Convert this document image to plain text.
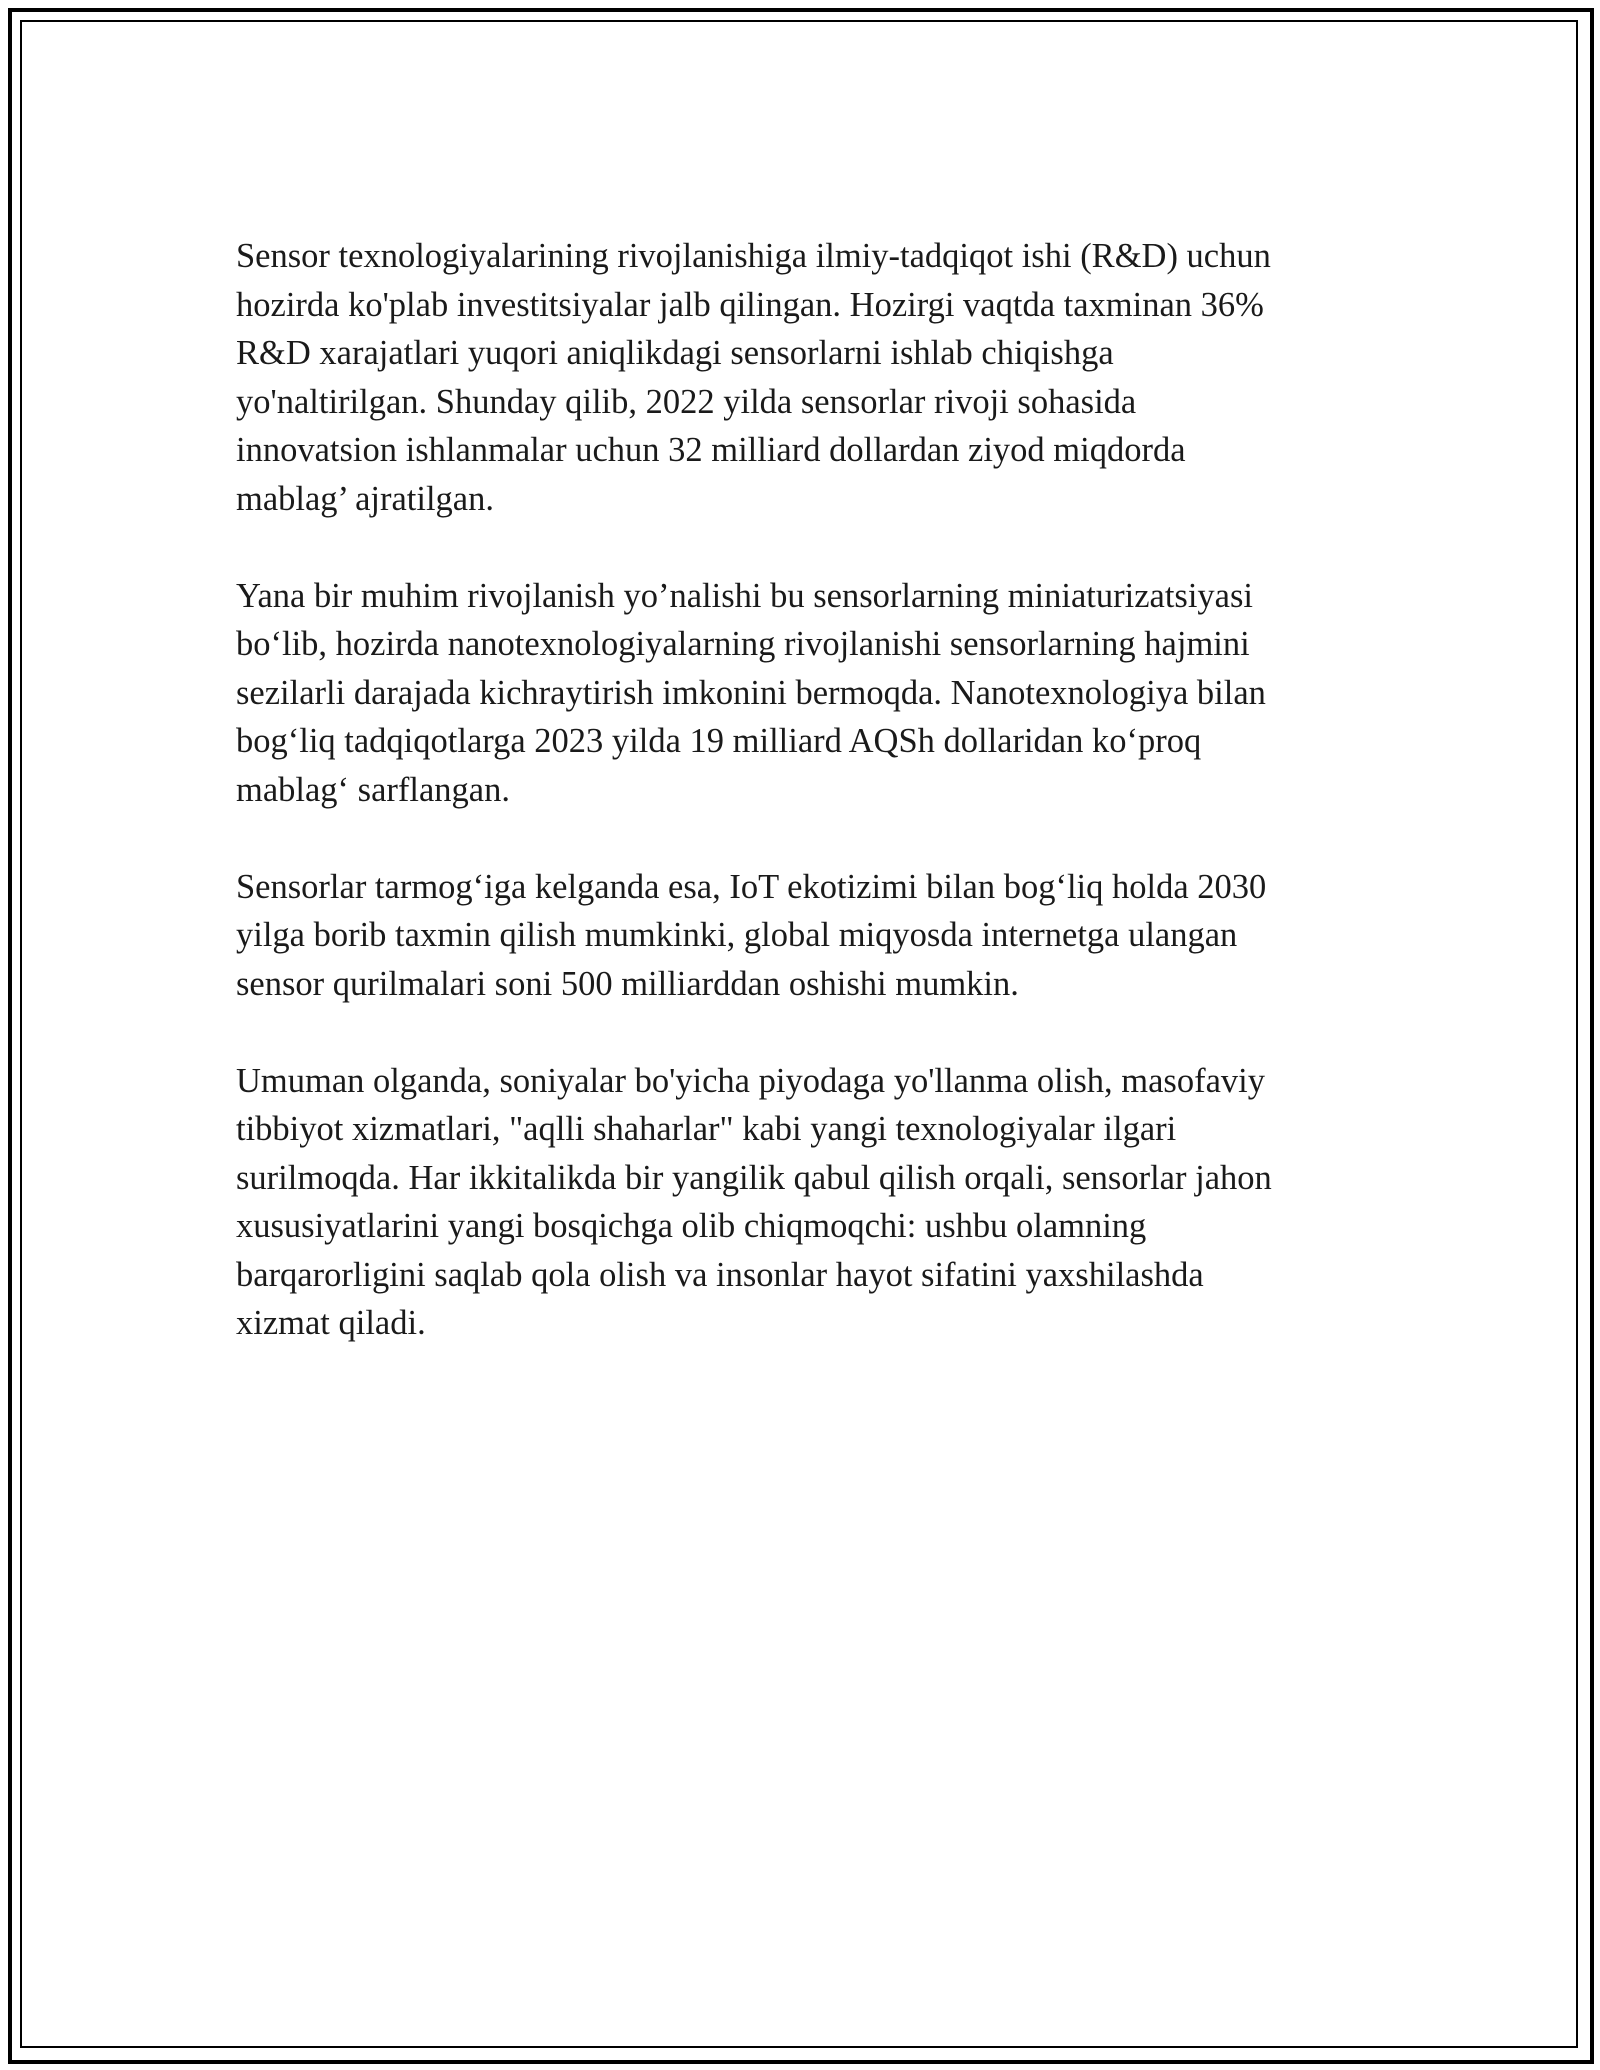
Sensor texnologiyalarining rivojlanishiga ilmiy-tadqiqot ishi (R&D) uchun
hozirda ko'plab investitsiyalar jalb qilingan. Hozirgi vaqtda taxminan 36%
R&D xarajatlari yuqori aniqlikdagi sensorlarni ishlab chiqishga
yo'naltirilgan. Shunday qilib, 2022 yilda sensorlar rivoji sohasida
innovatsion ishlanmalar uchun 32 milliard dollardan ziyod miqdorda
mablag’ ajratilgan.

Yana bir muhim rivojlanish yo’nalishi bu sensorlarning miniaturizatsiyasi
bo‘lib, hozirda nanotexnologiyalarning rivojlanishi sensorlarning hajmini
sezilarli darajada kichraytirish imkonini bermoqda. Nanotexnologiya bilan
bog‘liq tadqiqotlarga 2023 yilda 19 milliard AQSh dollaridan ko‘proq
mablag‘ sarflangan.

Sensorlar tarmog‘iga kelganda esa, IoT ekotizimi bilan bog‘liq holda 2030
yilga borib taxmin qilish mumkinki, global miqyosda internetga ulangan
sensor qurilmalari soni 500 milliarddan oshishi mumkin.

Umuman olganda, soniyalar bo'yicha piyodaga yo'llanma olish, masofaviy
tibbiyot xizmatlari, "aqlli shaharlar" kabi yangi texnologiyalar ilgari
surilmoqda. Har ikkitalikda bir yangilik qabul qilish orqali, sensorlar jahon
xususiyatlarini yangi bosqichga olib chiqmoqchi: ushbu olamning
barqarorligini saqlab qola olish va insonlar hayot sifatini yaxshilashda
xizmat qiladi.
